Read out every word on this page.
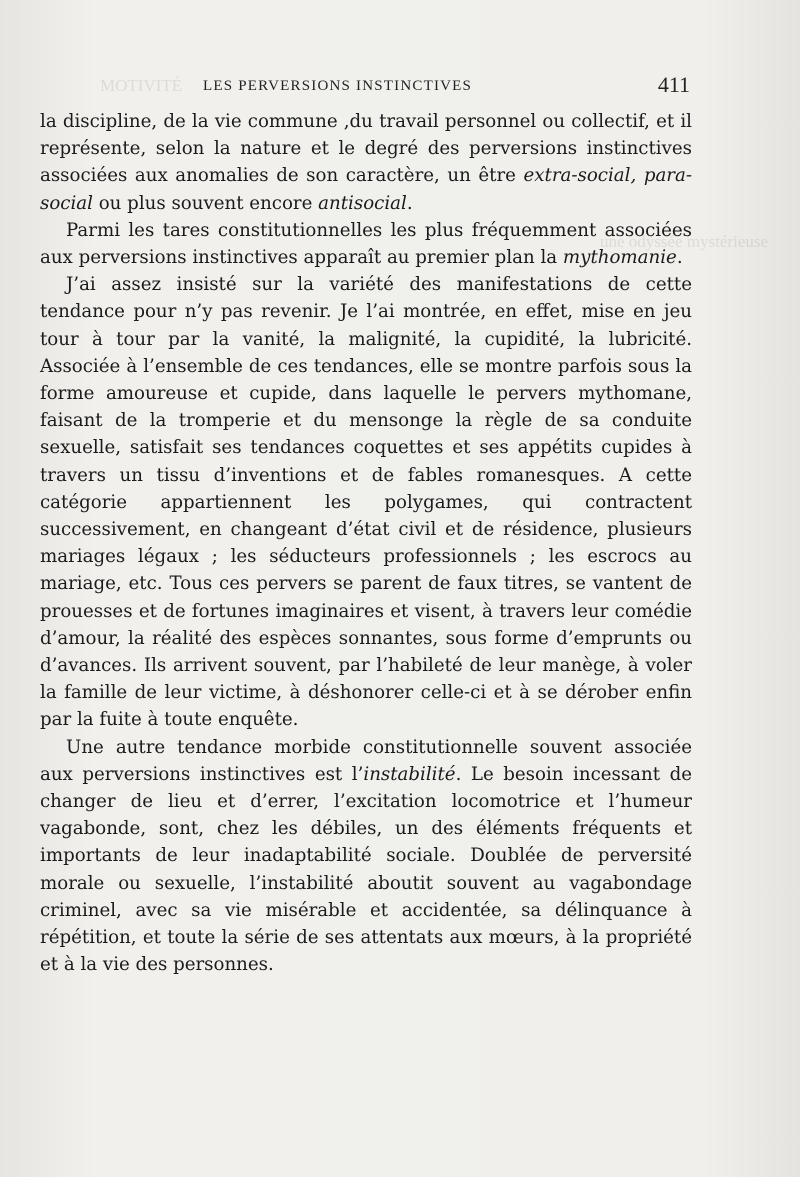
MOTIVITÉ
une odyssée mystérieuse
LES PERVERSIONS INSTINCTIVES	411

la discipline, de la vie commune ,du travail personnel ou collectif, et il représente, selon la nature et le degré des perversions instinctives associées aux anomalies de son caractère, un être extra-social, para-social ou plus souvent encore antisocial.

Parmi les tares constitutionnelles les plus fréquemment associées aux perversions instinctives apparaît au premier plan la mythomanie.

J’ai assez insisté sur la variété des manifestations de cette tendance pour n’y pas revenir. Je l’ai montrée, en effet, mise en jeu tour à tour par la vanité, la malignité, la cupidité, la lubricité. Associée à l’ensemble de ces tendances, elle se montre parfois sous la forme amoureuse et cupide, dans laquelle le pervers mythomane, faisant de la tromperie et du mensonge la règle de sa conduite sexuelle, satisfait ses tendances coquettes et ses appétits cupides à travers un tissu d’inventions et de fables romanesques. A cette catégorie appartiennent les polygames, qui contractent successivement, en changeant d’état civil et de résidence, plusieurs mariages légaux ; les séducteurs professionnels ; les escrocs au mariage, etc. Tous ces pervers se parent de faux titres, se vantent de prouesses et de fortunes imaginaires et visent, à travers leur comédie d’amour, la réalité des espèces sonnantes, sous forme d’emprunts ou d’avances. Ils arrivent souvent, par l’habileté de leur manège, à voler la famille de leur victime, à déshonorer celle-ci et à se dérober enfin par la fuite à toute enquête.

Une autre tendance morbide constitutionnelle souvent associée aux perversions instinctives est l’instabilité. Le besoin incessant de changer de lieu et d’errer, l’excitation locomotrice et l’humeur vagabonde, sont, chez les débiles, un des éléments fréquents et importants de leur inadaptabilité sociale. Doublée de perversité morale ou sexuelle, l’instabilité aboutit souvent au vagabondage criminel, avec sa vie misérable et accidentée, sa délinquance à répétition, et toute la série de ses attentats aux mœurs, à la propriété et à la vie des personnes.
